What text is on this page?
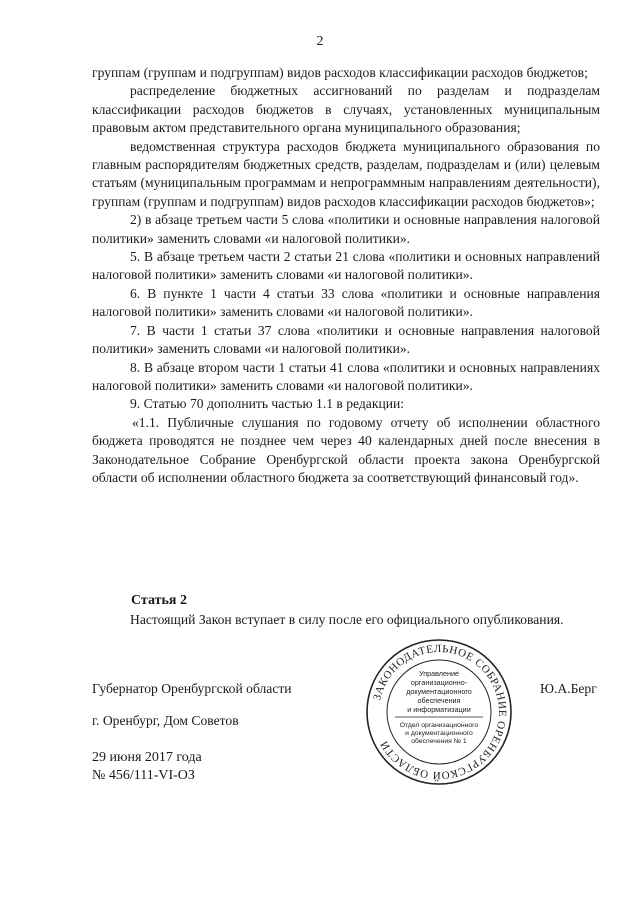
2

группам (группам и подгруппам) видов расходов классификации расходов бюджетов;

распределение бюджетных ассигнований по разделам и подразделам классификации расходов бюджетов в случаях, установленных муниципальным правовым актом представительного органа муниципального образования;

ведомственная структура расходов бюджета муниципального образования по главным распорядителям бюджетных средств, разделам, подразделам и (или) целевым статьям (муниципальным программам и непрограммным направлениям деятельности), группам (группам и подгруппам) видов расходов классификации расходов бюджетов»;

2) в абзаце третьем части 5 слова «политики и основные направления налоговой политики» заменить словами «и налоговой политики».

5. В абзаце третьем части 2 статьи 21 слова «политики и основных направлений налоговой политики» заменить словами «и налоговой политики».

6. В пункте 1 части 4 статьи 33 слова «политики и основные направления налоговой политики» заменить словами «и налоговой политики».

7. В части 1 статьи 37 слова «политики и основные направления налоговой политики» заменить словами «и налоговой политики».

8. В абзаце втором части 1 статьи 41 слова «политики и основных направлениях налоговой политики» заменить словами «и налоговой политики».

9. Статью 70 дополнить частью 1.1 в редакции:

«1.1. Публичные слушания по годовому отчету об исполнении областного бюджета проводятся не позднее чем через 40 календарных дней после внесения в Законодательное Собрание Оренбургской области проекта закона Оренбургской области об исполнении областного бюджета за соответствующий финансовый год».

Статья 2

Настоящий Закон вступает в силу после его официального опубликования.

Губернатор Оренбургской области	Ю.А.Берг
г. Оренбург, Дом Советов
29 июня 2017 года
№ 456/111-VI-ОЗ
ЗАКОНОДАТЕЛЬНОЕ СОБРАНИЕ ОРЕНБУРГСКОЙ ОБЛАСТИ
Управление
организационно-
документационного
обеспечения
и информатизации
Отдел организационного
и документационного
обеспечения № 1
